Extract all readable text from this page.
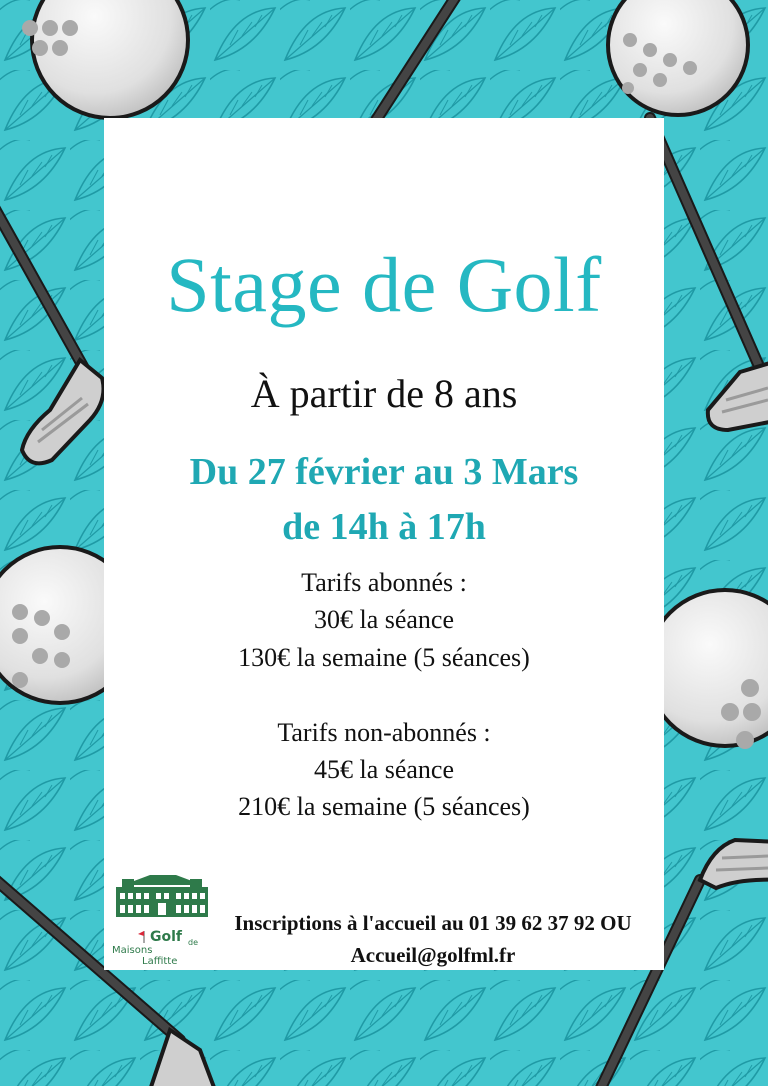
Stage de Golf
À partir de 8 ans
Du 27 février au 3 Mars
de 14h à 17h
Tarifs abonnés :
30€ la séance
130€ la semaine (5 séances)
Tarifs non-abonnés :
45€ la séance
210€ la semaine (5 séances)
Golf de
Maisons
Laffitte
Inscriptions à l'accueil au 01 39 62 37 92 OU
Accueil@golfml.fr
